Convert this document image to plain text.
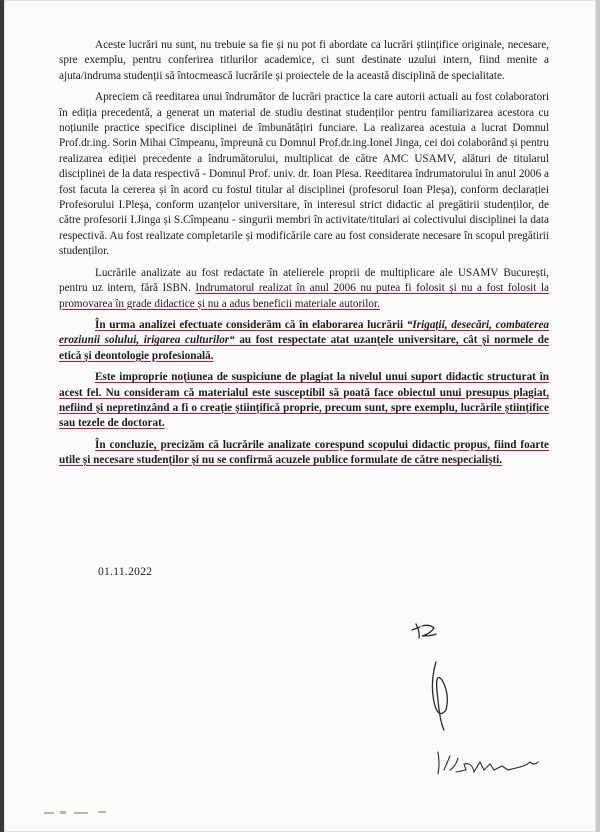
Aceste lucrări nu sunt, nu trebuie sa fie și nu pot fi abordate ca lucrări științifice originale, necesare, spre exemplu, pentru conferirea titlurilor academice, ci sunt destinate uzului intern, fiind menite a ajuta/indruma studenții să întocmească lucrările și proiectele de la această disciplină de specialitate.

Apreciem că reeditarea unui îndrumător de lucrări practice la care autorii actuali au fost colaboratori în ediția precedentă, a generat un material de studiu destinat studenților pentru familiarizarea acestora cu noțiunile practice specifice disciplinei de îmbunătățiri funciare. La realizarea acestuia a lucrat Domnul Prof.dr.ing. Sorin Mihai Cîmpeanu, împreună cu Domnul Prof.dr.ing.Ionel Jinga, cei doi colaborând și pentru realizarea ediției precedente a îndrumătorului, multiplicat de către AMC USAMV, alături de titularul disciplinei de la data respectivă - Domnul Prof. univ. dr. Ioan Plesa. Reeditarea îndrumatorului în anul 2006 a fost facuta la cererea și în acord cu fostul titular al disciplinei (profesorul Ioan Pleșa), conform declarației Profesorului I.Pleșa, conform uzanțelor universitare, în interesul strict didactic al pregătirii studenților, de către profesorii I.Jinga și S.Cîmpeanu - singurii membri în activitate/titulari ai colectivului disciplinei la data respectivă. Au fost realizate completarile și modificările care au fost considerate necesare în scopul pregătirii studenților.

Lucrările analizate au fost redactate în atelierele proprii de multiplicare ale USAMV București, pentru uz intern, fără ISBN. Indrumatorul realizat în anul 2006 nu putea fi folosit și nu a fost folosit la promovarea în grade didactice și nu a adus beneficii materiale autorilor.

În urma analizei efectuate considerăm că în elaborarea lucrării “Irigații, desecări, combaterea eroziunii solului, irigarea culturilor“ au fost respectate atat uzanțele universitare, cât și normele de etică și deontologie profesională.

Este impropriе noțiunea de suspiciune de plagiat la nivelul unui suport didactic structurat în acest fel. Nu consideram că materialul este susceptibil să poată face obiectul unui presupus plagiat, nefiind și nepretinzând a fi o creație științifică proprie, precum sunt, spre exemplu, lucrările științifice sau tezele de doctorat.

În concluzie, precizăm că lucrările analizate corespund scopului didactic propus, fiind foarte utile și necesare studenților și nu se confirmă acuzele publice formulate de către nespecialiști.

01.11.2022
